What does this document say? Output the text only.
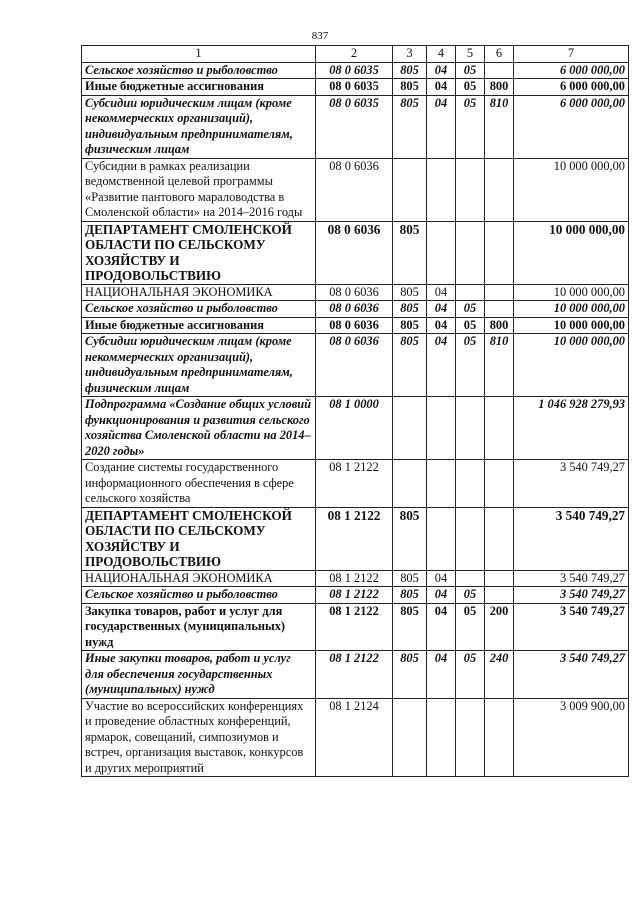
837
1	2	3	4	5	6	7
Сельское хозяйство и рыболовство	08 0 6035	805	04	05		6 000 000,00
Иные бюджетные ассигнования	08 0 6035	805	04	05	800	6 000 000,00
Субсидии юридическим лицам (кроме некоммерческих организаций), индивидуальным предпринимателям, физическим лицам	08 0 6035	805	04	05	810	6 000 000,00
Субсидии в рамках реализации ведомственной целевой программы «Развитие пантового мараловодства в Смоленской области» на 2014–2016 годы	08 0 6036					10 000 000,00
ДЕПАРТАМЕНТ СМОЛЕНСКОЙ ОБЛАСТИ ПО СЕЛЬСКОМУ ХОЗЯЙСТВУ И ПРОДОВОЛЬСТВИЮ	08 0 6036	805				10 000 000,00
НАЦИОНАЛЬНАЯ ЭКОНОМИКА	08 0 6036	805	04			10 000 000,00
Сельское хозяйство и рыболовство	08 0 6036	805	04	05		10 000 000,00
Иные бюджетные ассигнования	08 0 6036	805	04	05	800	10 000 000,00
Субсидии юридическим лицам (кроме некоммерческих организаций), индивидуальным предпринимателям, физическим лицам	08 0 6036	805	04	05	810	10 000 000,00
Подпрограмма «Создание общих условий функционирования и развития сельского хозяйства Смоленской области на 2014–2020 годы»	08 1 0000					1 046 928 279,93
Создание системы государственного информационного обеспечения в сфере сельского хозяйства	08 1 2122					3 540 749,27
ДЕПАРТАМЕНТ СМОЛЕНСКОЙ ОБЛАСТИ ПО СЕЛЬСКОМУ ХОЗЯЙСТВУ И ПРОДОВОЛЬСТВИЮ	08 1 2122	805				3 540 749,27
НАЦИОНАЛЬНАЯ ЭКОНОМИКА	08 1 2122	805	04			3 540 749,27
Сельское хозяйство и рыболовство	08 1 2122	805	04	05		3 540 749,27
Закупка товаров, работ и услуг для государственных (муниципальных) нужд	08 1 2122	805	04	05	200	3 540 749,27
Иные закупки товаров, работ и услуг для обеспечения государственных (муниципальных) нужд	08 1 2122	805	04	05	240	3 540 749,27
Участие во всероссийских конференциях и проведение областных конференций, ярмарок, совещаний, симпозиумов и встреч, организация выставок, конкурсов и других мероприятий	08 1 2124					3 009 900,00
